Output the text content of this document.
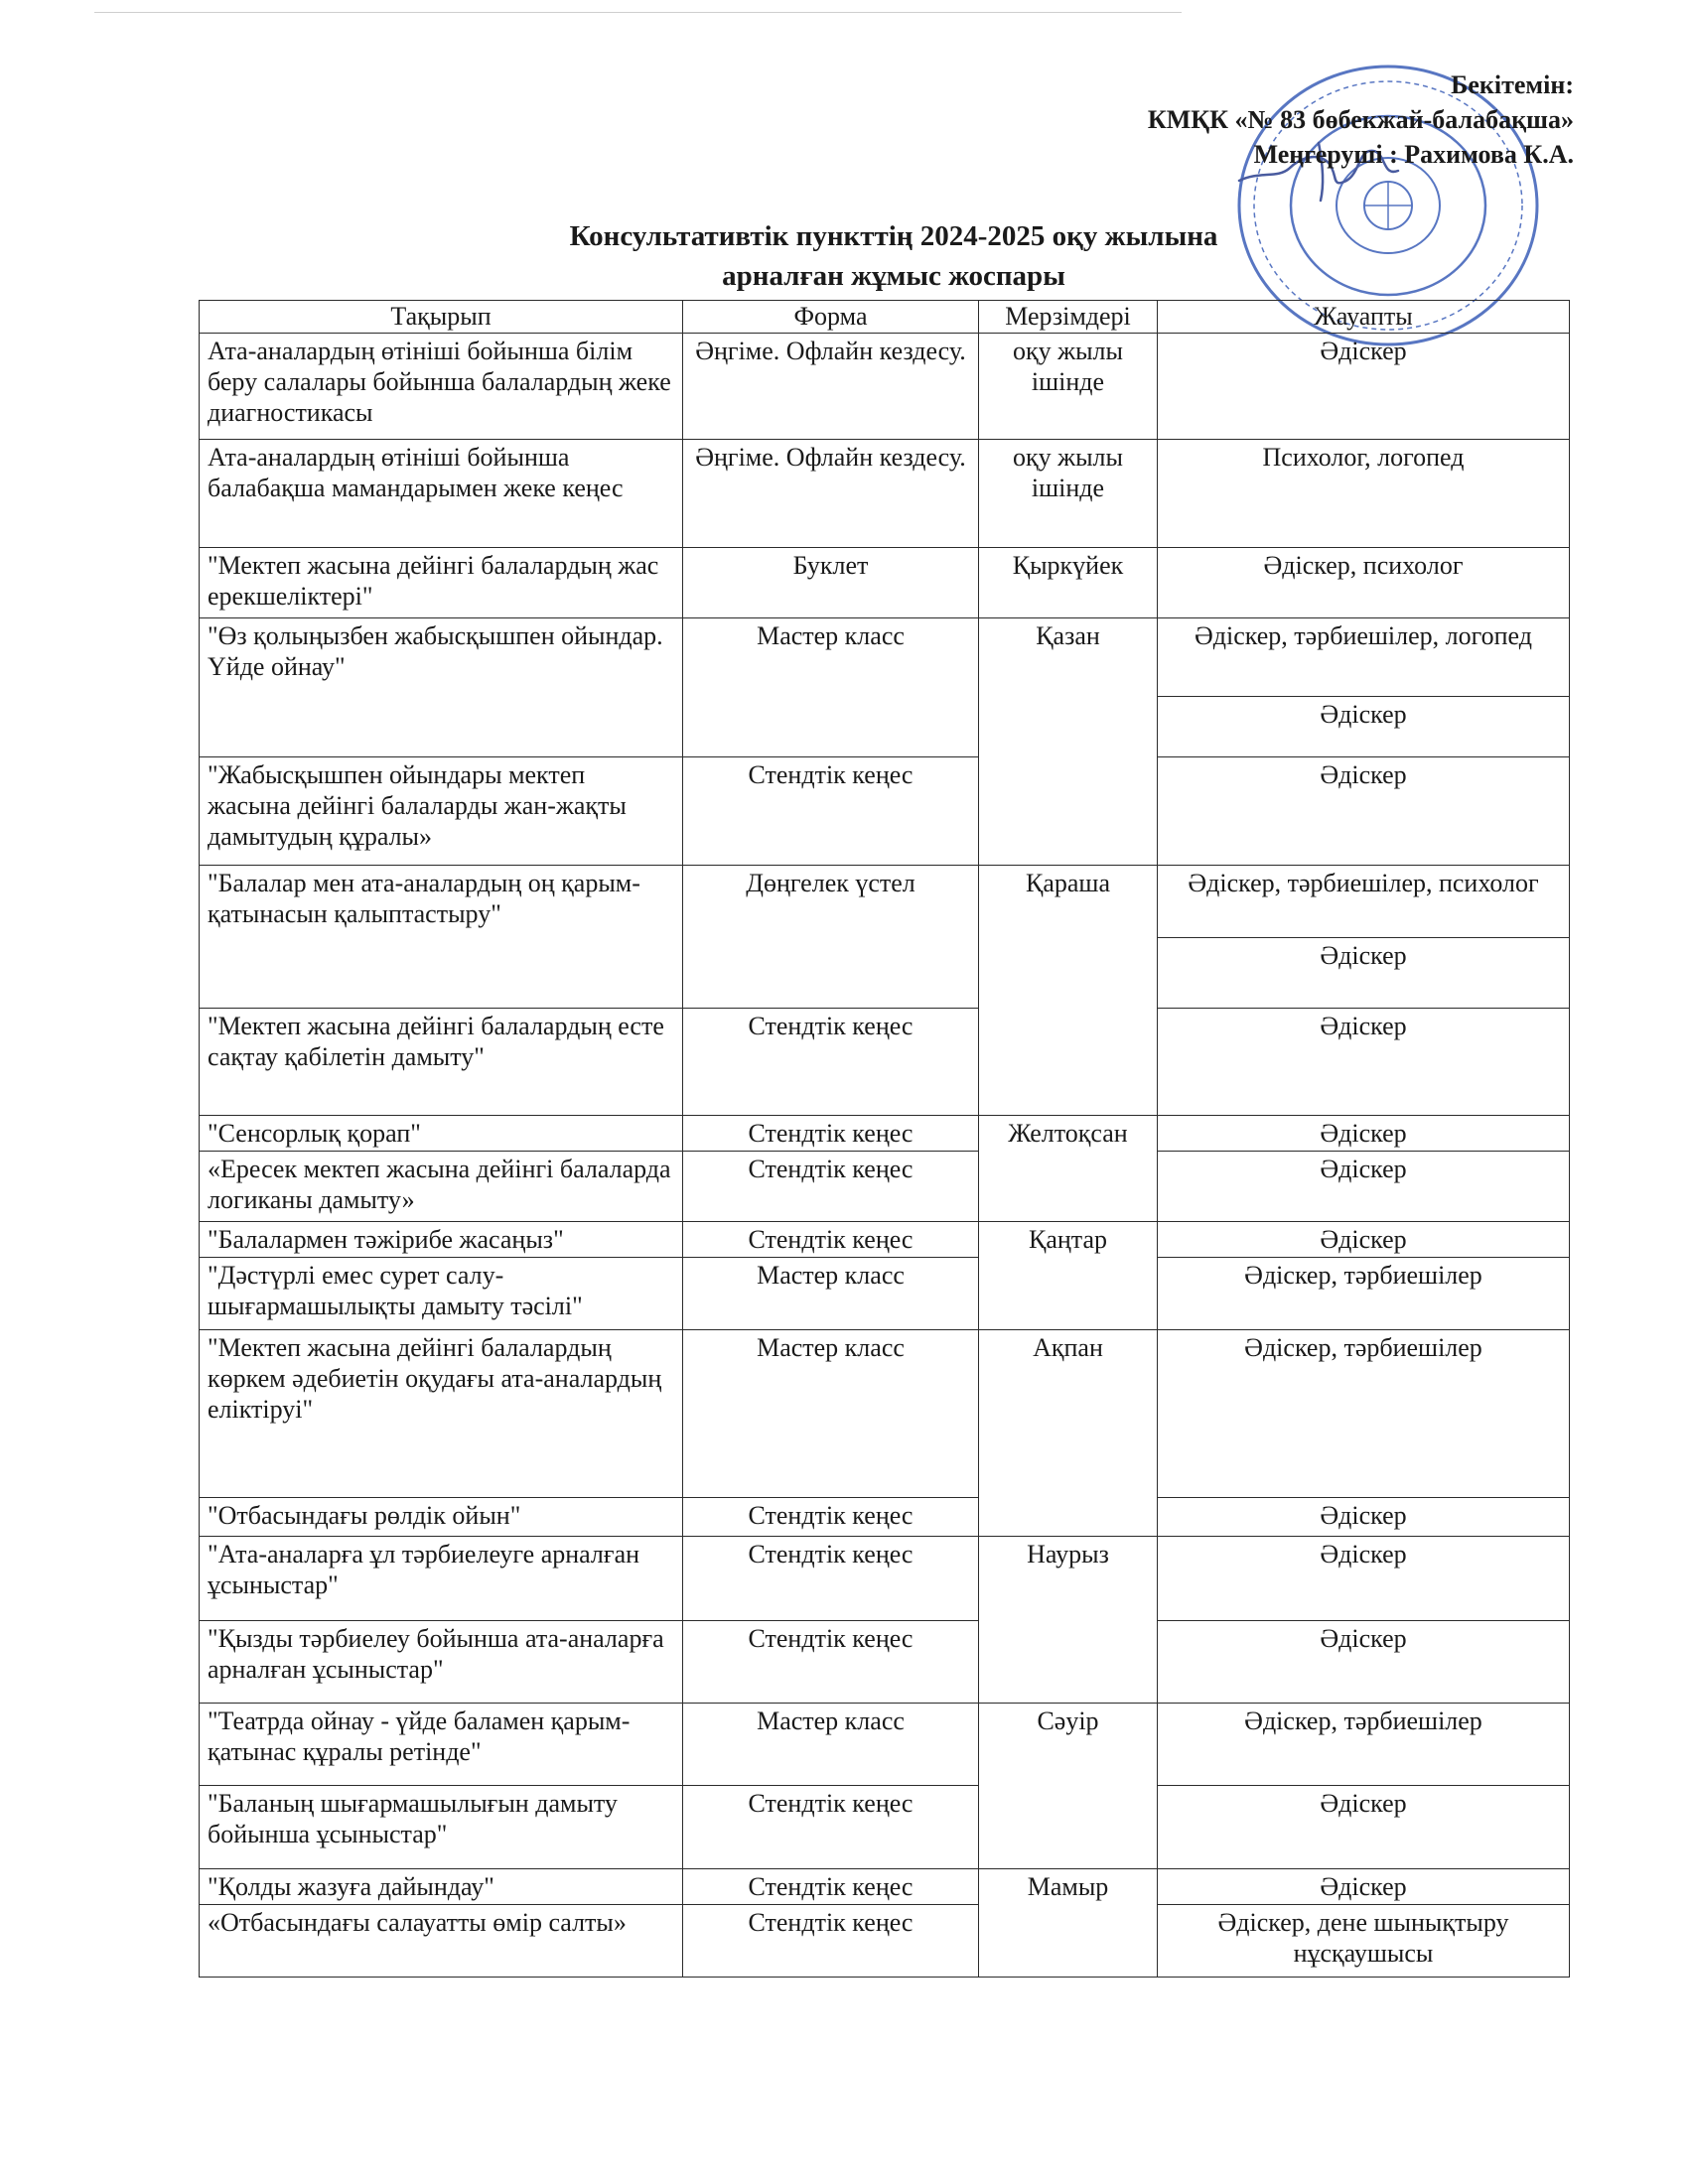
Бекітемін:
КМҚК «№ 83 бөбекжай-балабақша»
Меңгеруші : Рахимова К.А.
Консультативтік пункттің 2024-2025 оқу жылына
арналған жұмыс жоспары
Тақырып	Форма	Мерзімдері	Жауапты
Ата-аналардың өтініші бойынша білім беру салалары бойынша балалардың жеке диагностикасы	Әңгіме. Офлайн кездесу.	оқу жылы ішінде	Әдіскер
Ата-аналардың өтініші бойынша балабақша мамандарымен жеке кеңес	Әңгіме. Офлайн кездесу.	оқу жылы ішінде	Психолог, логопед
"Мектеп жасына дейінгі балалардың жас ерекшеліктері"	Буклет	Қыркүйек	Әдіскер, психолог
"Өз қолыңызбен жабысқышпен ойындар. Үйде ойнау"	Мастер класс	Қазан	Әдіскер, тәрбиешілер, логопед
			Әдіскер
"Жабысқышпен ойындары мектеп жасына дейінгі балаларды жан-жақты дамытудың құралы»	Стендтік кеңес		Әдіскер
"Балалар мен ата-аналардың оң қарым-қатынасын қалыптастыру"	Дөңгелек үстел	Қараша	Әдіскер, тәрбиешілер, психолог
			Әдіскер
"Мектеп жасына дейінгі балалардың есте сақтау қабілетін дамыту"	Стендтік кеңес		Әдіскер
"Сенсорлық қорап"	Стендтік кеңес	Желтоқсан	Әдіскер
«Ересек мектеп жасына дейінгі балаларда логиканы дамыту»	Стендтік кеңес		Әдіскер
"Балалармен тәжірибе жасаңыз"	Стендтік кеңес	Қаңтар	Әдіскер
"Дәстүрлі емес сурет салу-шығармашылықты дамыту тәсілі"	Мастер класс		Әдіскер, тәрбиешілер
"Мектеп жасына дейінгі балалардың көркем әдебиетін оқудағы ата-аналардың еліктіруі"	Мастер класс	Ақпан	Әдіскер, тәрбиешілер
"Отбасындағы рөлдік ойын"	Стендтік кеңес		Әдіскер
"Ата-аналарға ұл тәрбиелеуге арналған ұсыныстар"	Стендтік кеңес	Наурыз	Әдіскер
"Қызды тәрбиелеу бойынша ата-аналарға арналған ұсыныстар"	Стендтік кеңес		Әдіскер
"Театрда ойнау - үйде баламен қарым-қатынас құралы ретінде"	Мастер класс	Сәуір	Әдіскер, тәрбиешілер
"Баланың шығармашылығын дамыту бойынша ұсыныстар"	Стендтік кеңес		Әдіскер
"Қолды жазуға дайындау"	Стендтік кеңес	Мамыр	Әдіскер
«Отбасындағы салауатты өмір салты»	Стендтік кеңес		Әдіскер, дене шынықтыру нұсқаушысы
